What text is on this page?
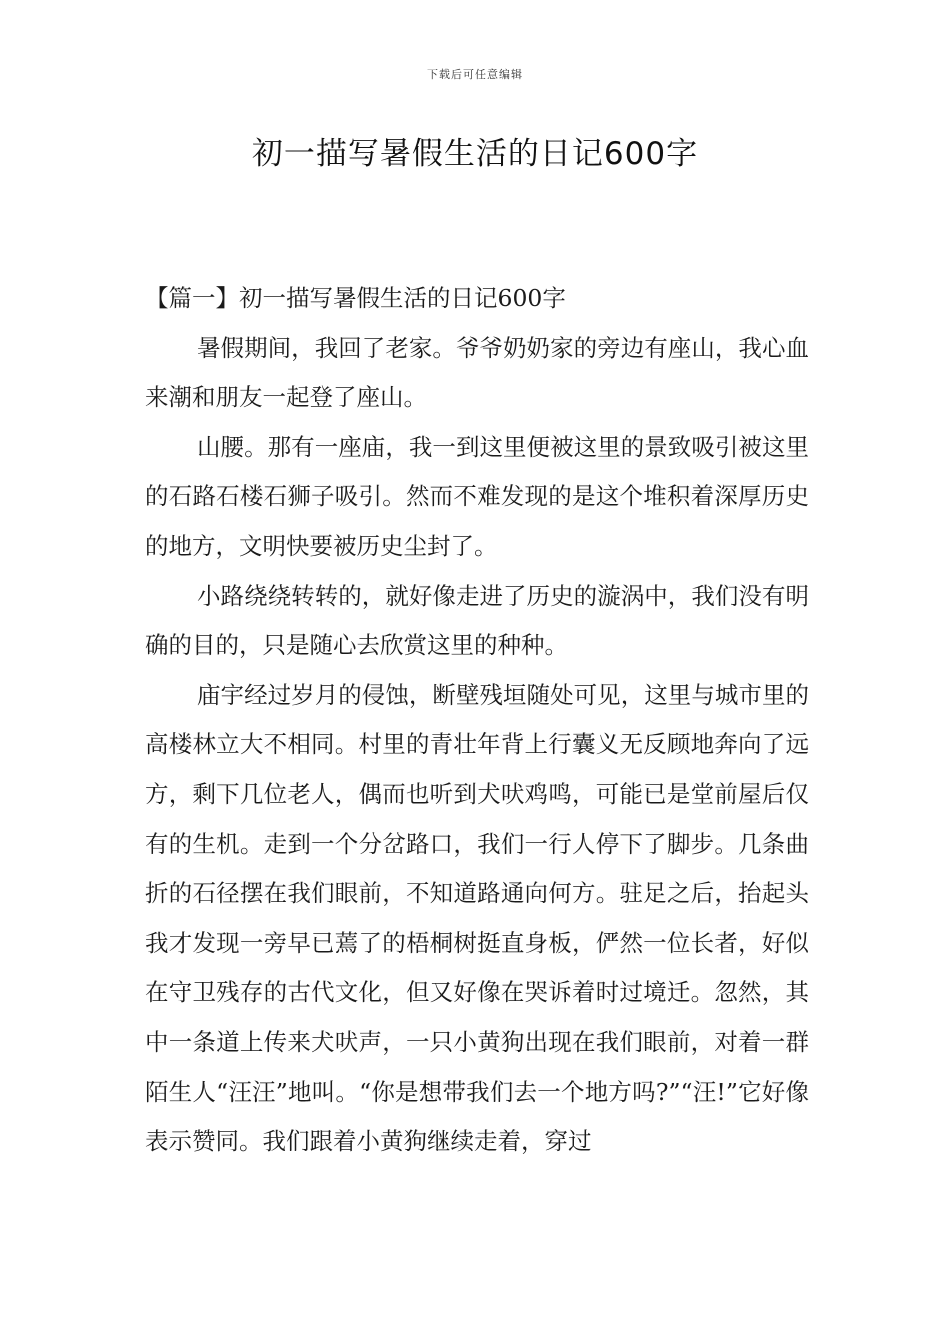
下载后可任意编辑
初一描写暑假生活的日记600字

【篇一】初一描写暑假生活的日记600字

暑假期间，我回了老家。爷爷奶奶家的旁边有座山，我心血来潮和朋友一起登了座山。

山腰。那有一座庙，我一到这里便被这里的景致吸引被这里的石路石楼石狮子吸引。然而不难发现的是这个堆积着深厚历史的地方，文明快要被历史尘封了。

小路绕绕转转的，就好像走进了历史的漩涡中，我们没有明确的目的，只是随心去欣赏这里的种种。

庙宇经过岁月的侵蚀，断壁残垣随处可见，这里与城市里的高楼林立大不相同。村里的青壮年背上行囊义无反顾地奔向了远方，剩下几位老人，偶而也听到犬吠鸡鸣，可能已是堂前屋后仅有的生机。走到一个分岔路口，我们一行人停下了脚步。几条曲折的石径摆在我们眼前，不知道路通向何方。驻足之后，抬起头我才发现一旁早已蔫了的梧桐树挺直身板，俨然一位长者，好似在守卫残存的古代文化，但又好像在哭诉着时过境迁。忽然，其中一条道上传来犬吠声，一只小黄狗出现在我们眼前，对着一群陌生人“汪汪”地叫。“你是想带我们去一个地方吗?”“汪!”它好像表示赞同。我们跟着小黄狗继续走着，穿过
